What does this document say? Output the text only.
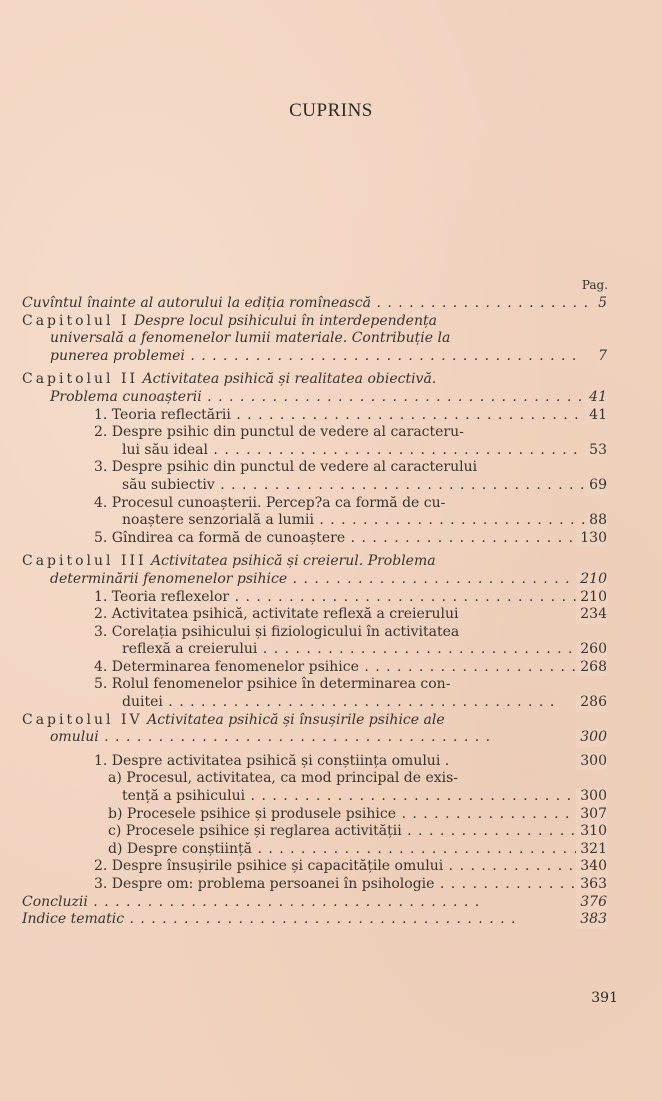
CUPRINS
Pag.
Cuvîntul înainte al autorului la ediția romînească . .	5
Capitolul I Despre locul psihicului în interdependența
universală a fenomenelor lumii materiale. Contribuție la
punerea problemei . .	7
Capitolul II Activitatea psihică și realitatea obiectivă.
Problema cunoașterii . .	41
1. Teoria reflectării . .	41
2. Despre psihic din punctul de vedere al caracteru-
lui său ideal . .	53
3. Despre psihic din punctul de vedere al caracterului
său subiectiv . .	69
4. Procesul cunoașterii. Percep?a ca formă de cu-
noaștere senzorială a lumii . .	88
5. Gîndirea ca formă de cunoaștere . .	130
Capitolul III Activitatea psihică și creierul. Problema
determinării fenomenelor psihice . .	210
1. Teoria reflexelor . .	210
2. Activitatea psihică, activitate reflexă a creierului	234
3. Corelația psihicului și fiziologicului în activitatea
reflexă a creierului . .	260
4. Determinarea fenomenelor psihice . .	268
5. Rolul fenomenelor psihice în determinarea con-
duitei . .	286
Capitolul IV Activitatea psihică și însușirile psihice ale
omului . .	300
1. Despre activitatea psihică și conștiința omului .	300
a) Procesul, activitatea, ca mod principal de exis-
tență a psihicului . .	300
b) Procesele psihice și produsele psihice . .	307
c) Procesele psihice și reglarea activității . .	310
d) Despre conștiință . .	321
2. Despre însușirile psihice și capacitățile omului . .	340
3. Despre om: problema persoanei în psihologie . .	363
Concluzii . .	376
Indice tematic . .	383
391
